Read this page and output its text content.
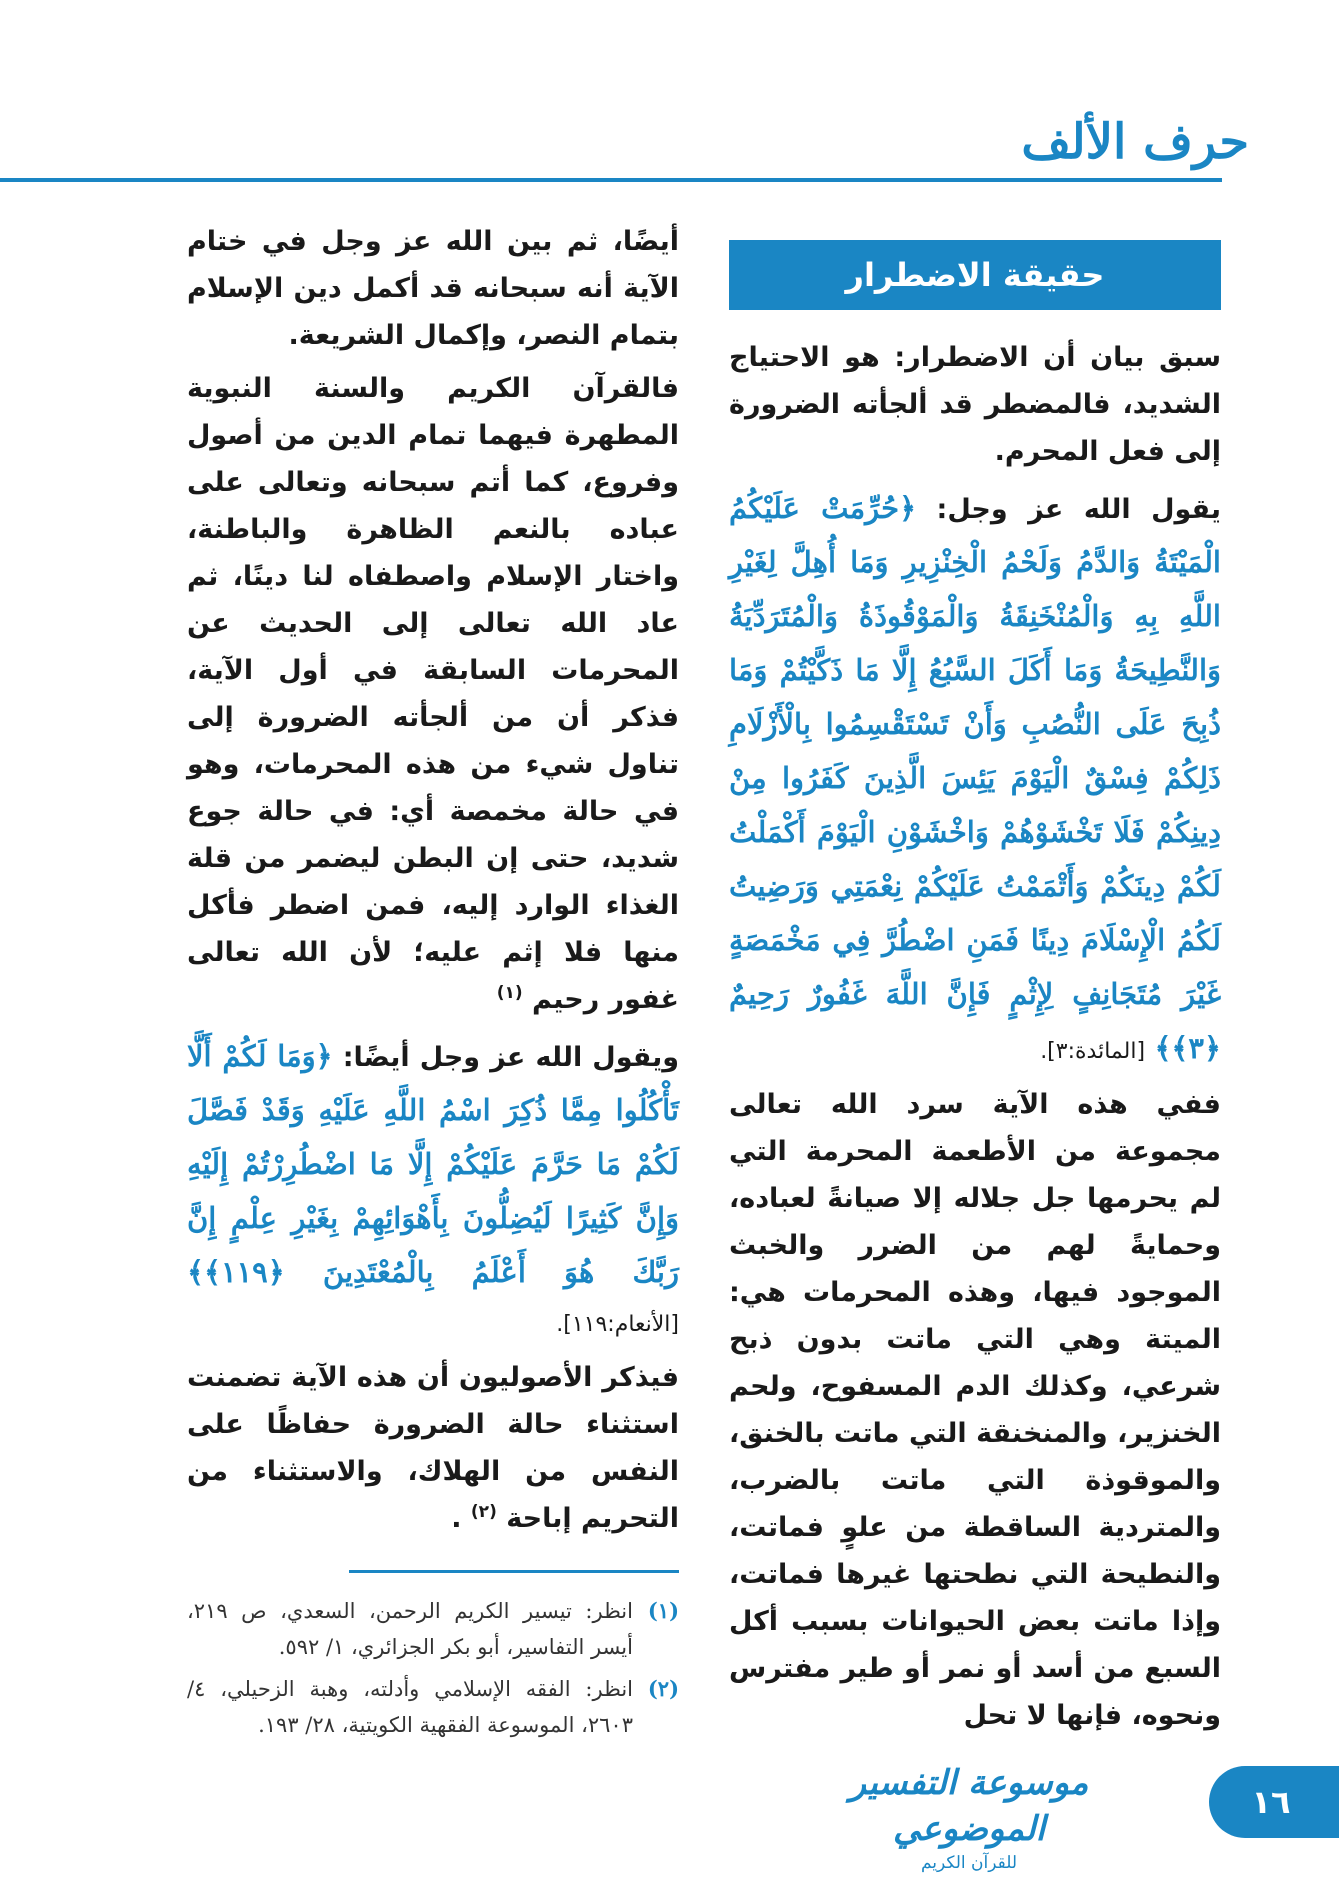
حرف الألف
حقيقة الاضطرار

سبق بيان أن الاضطرار: هو الاحتياج الشديد، فالمضطر قد ألجأته الضرورة إلى فعل المحرم.

يقول الله عز وجل: ﴿حُرِّمَتْ عَلَيْكُمُ الْمَيْتَةُ وَالدَّمُ وَلَحْمُ الْخِنْزِيرِ وَمَا أُهِلَّ لِغَيْرِ اللَّهِ بِهِ وَالْمُنْخَنِقَةُ وَالْمَوْقُوذَةُ وَالْمُتَرَدِّيَةُ وَالنَّطِيحَةُ وَمَا أَكَلَ السَّبُعُ إِلَّا مَا ذَكَّيْتُمْ وَمَا ذُبِحَ عَلَى النُّصُبِ وَأَنْ تَسْتَقْسِمُوا بِالْأَزْلَامِ ذَلِكُمْ فِسْقٌ الْيَوْمَ يَئِسَ الَّذِينَ كَفَرُوا مِنْ دِينِكُمْ فَلَا تَخْشَوْهُمْ وَاخْشَوْنِ الْيَوْمَ أَكْمَلْتُ لَكُمْ دِينَكُمْ وَأَتْمَمْتُ عَلَيْكُمْ نِعْمَتِي وَرَضِيتُ لَكُمُ الْإِسْلَامَ دِينًا فَمَنِ اضْطُرَّ فِي مَخْمَصَةٍ غَيْرَ مُتَجَانِفٍ لِإِثْمٍ فَإِنَّ اللَّهَ غَفُورٌ رَحِيمٌ ﴿٣﴾﴾ [المائدة:٣].

ففي هذه الآية سرد الله تعالى مجموعة من الأطعمة المحرمة التي لم يحرمها جل جلاله إلا صيانةً لعباده، وحمايةً لهم من الضرر والخبث الموجود فيها، وهذه المحرمات هي: الميتة وهي التي ماتت بدون ذبح شرعي، وكذلك الدم المسفوح، ولحم الخنزير، والمنخنقة التي ماتت بالخنق، والموقوذة التي ماتت بالضرب، والمتردية الساقطة من علوٍ فماتت، والنطيحة التي نطحتها غيرها فماتت، وإذا ماتت بعض الحيوانات بسبب أكل السبع من أسد أو نمر أو طير مفترس ونحوه، فإنها لا تحل

أيضًا، ثم بين الله عز وجل في ختام الآية أنه سبحانه قد أكمل دين الإسلام بتمام النصر، وإكمال الشريعة.

فالقرآن الكريم والسنة النبوية المطهرة فيهما تمام الدين من أصول وفروع، كما أتم سبحانه وتعالى على عباده بالنعم الظاهرة والباطنة، واختار الإسلام واصطفاه لنا دينًا، ثم عاد الله تعالى إلى الحديث عن المحرمات السابقة في أول الآية، فذكر أن من ألجأته الضرورة إلى تناول شيء من هذه المحرمات، وهو في حالة مخمصة أي: في حالة جوع شديد، حتى إن البطن ليضمر من قلة الغذاء الوارد إليه، فمن اضطر فأكل منها فلا إثم عليه؛ لأن الله تعالى غفور رحيم $^{(١)}$

ويقول الله عز وجل أيضًا: ﴿وَمَا لَكُمْ أَلَّا تَأْكُلُوا مِمَّا ذُكِرَ اسْمُ اللَّهِ عَلَيْهِ وَقَدْ فَصَّلَ لَكُمْ مَا حَرَّمَ عَلَيْكُمْ إِلَّا مَا اضْطُرِرْتُمْ إِلَيْهِ وَإِنَّ كَثِيرًا لَيُضِلُّونَ بِأَهْوَائِهِمْ بِغَيْرِ عِلْمٍ إِنَّ رَبَّكَ هُوَ أَعْلَمُ بِالْمُعْتَدِينَ ﴿١١٩﴾﴾ [الأنعام:١١٩].

فيذكر الأصوليون أن هذه الآية تضمنت استثناء حالة الضرورة حفاظًا على النفس من الهلاك، والاستثناء من التحريم إباحة $^{(٢)}$ .

(١)
انظر: تيسير الكريم الرحمن، السعدي، ص ٢١٩، أيسر التفاسير، أبو بكر الجزائري، ١/ ٥٩٢.

(٢)
انظر: الفقه الإسلامي وأدلته، وهبة الزحيلي، ٤/ ٢٦٠٣، الموسوعة الفقهية الكويتية، ٢٨/ ١٩٣.

موسوعة التفسير الموضوعي
للقرآن الكريم
١٦
